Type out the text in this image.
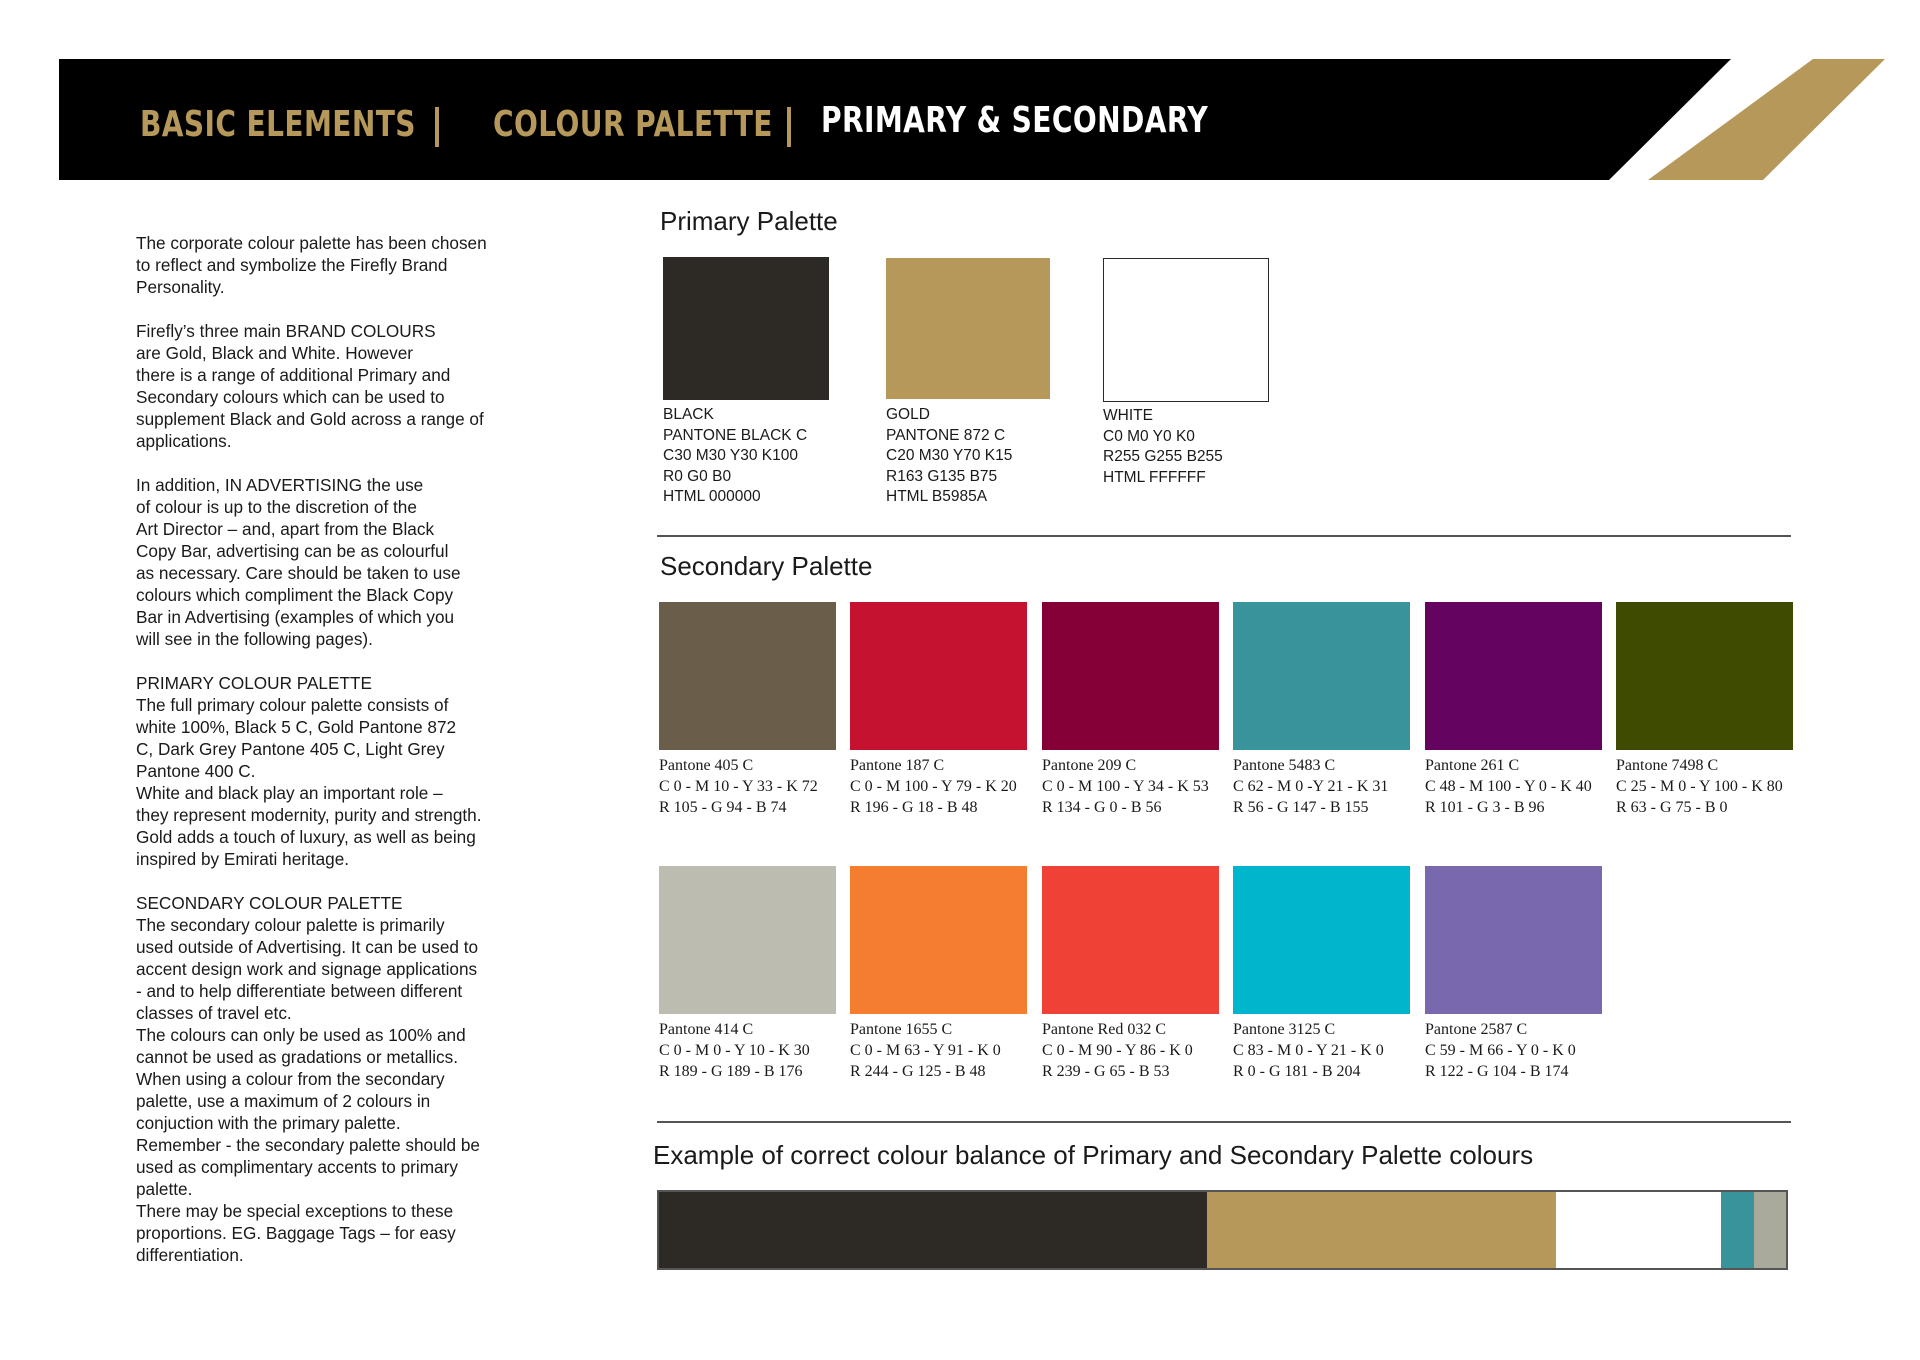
BASIC ELEMENTS COLOUR PALETTE PRIMARY & SECONDARY

The corporate colour palette has been chosen
to reflect and symbolize the Firefly Brand
Personality.

Firefly’s three main BRAND COLOURS
are Gold, Black and White. However
there is a range of additional Primary and
Secondary colours which can be used to
supplement Black and Gold across a range of
applications.

In addition, IN ADVERTISING the use
of colour is up to the discretion of the
Art Director – and, apart from the Black
Copy Bar, advertising can be as colourful
as necessary. Care should be taken to use
colours which compliment the Black Copy
Bar in Advertising (examples of which you
will see in the following pages).

PRIMARY COLOUR PALETTE
The full primary colour palette consists of
white 100%, Black 5 C, Gold Pantone 872
C, Dark Grey Pantone 405 C, Light Grey
Pantone 400 C.
White and black play an important role –
they represent modernity, purity and strength.
Gold adds a touch of luxury, as well as being
inspired by Emirati heritage.

SECONDARY COLOUR PALETTE
The secondary colour palette is primarily
used outside of Advertising. It can be used to
accent design work and signage applications
- and to help differentiate between different
classes of travel etc.
The colours can only be used as 100% and
cannot be used as gradations or metallics.
When using a colour from the secondary
palette, use a maximum of 2 colours in
conjuction with the primary palette.
Remember - the secondary palette should be
used as complimentary accents to primary
palette.
There may be special exceptions to these
proportions. EG. Baggage Tags – for easy
differentiation.

Primary Palette
BLACK
PANTONE BLACK C
C30 M30 Y30 K100
R0 G0 B0
HTML 000000
GOLD
PANTONE 872 C
C20 M30 Y70 K15
R163 G135 B75
HTML B5985A
WHITE
C0 M0 Y0 K0
R255 G255 B255
HTML FFFFFF
Secondary Palette
Pantone 405 C
C 0 - M 10 - Y 33 - K 72
R 105 - G 94 - B 74
Pantone 187 C
C 0 - M 100 - Y 79 - K 20
R 196 - G 18 - B 48
Pantone 209 C
C 0 - M 100 - Y 34 - K 53
R 134 - G 0 - B 56
Pantone 5483 C
C 62 - M 0 -Y 21 - K 31
R 56 - G 147 - B 155
Pantone 261 C
C 48 - M 100 - Y 0 - K 40
R 101 - G 3 - B 96
Pantone 7498 C
C 25 - M 0 - Y 100 - K 80
R 63 - G 75 - B 0
Pantone 414 C
C 0 - M 0 - Y 10 - K 30
R 189 - G 189 - B 176
Pantone 1655 C
C 0 - M 63 - Y 91 - K 0
R 244 - G 125 - B 48
Pantone Red 032 C
C 0 - M 90 - Y 86 - K 0
R 239 - G 65 - B 53
Pantone 3125 C
C 83 - M 0 - Y 21 - K 0
R 0 - G 181 - B 204
Pantone 2587 C
C 59 - M 66 - Y 0 - K 0
R 122 - G 104 - B 174
Example of correct colour balance of Primary and Secondary Palette colours
